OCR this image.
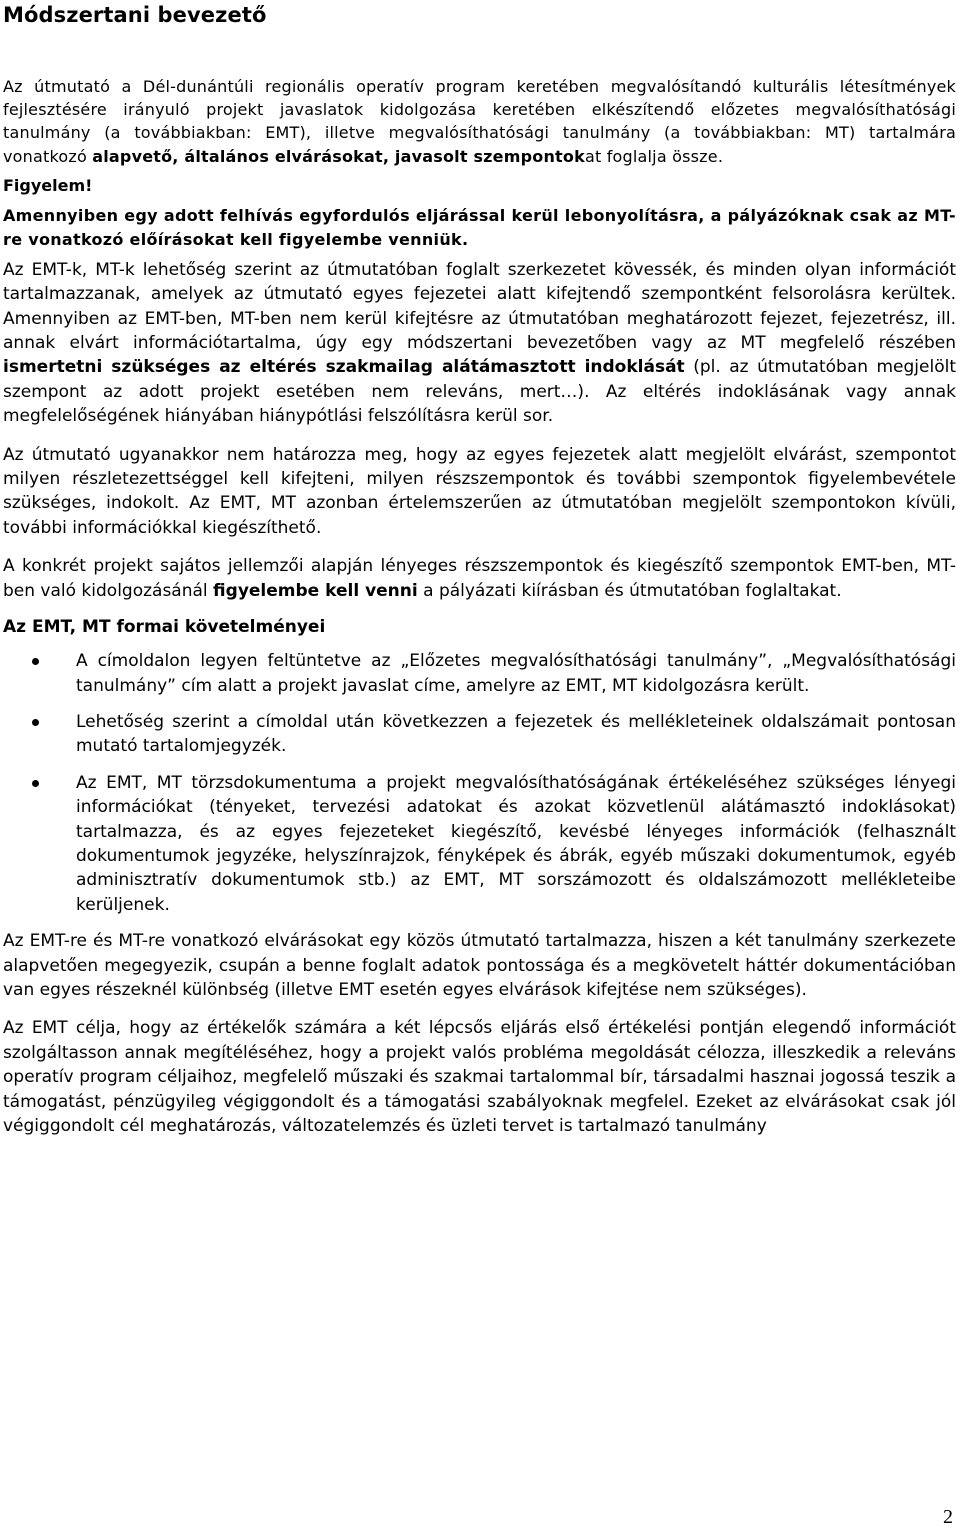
Módszertani bevezető

Az útmutató a Dél-dunántúli regionális operatív program keretében megvalósítandó kulturális létesítmények fejlesztésére irányuló projekt javaslatok kidolgozása keretében elkészítendő előzetes megvalósíthatósági tanulmány (a továbbiakban: EMT), illetve megvalósíthatósági tanulmány (a továbbiakban: MT) tartalmára vonatkozó alapvető, általános elvárásokat, javasolt szempontokat foglalja össze.

Figyelem!

Amennyiben egy adott felhívás egyfordulós eljárással kerül lebonyolításra, a pályázóknak csak az MT-re vonatkozó előírásokat kell figyelembe venniük.

Az EMT-k, MT-k lehetőség szerint az útmutatóban foglalt szerkezetet kövessék, és minden olyan információt tartalmazzanak, amelyek az útmutató egyes fejezetei alatt kifejtendő szempontként felsorolásra kerültek. Amennyiben az EMT-ben, MT-ben nem kerül kifejtésre az útmutatóban meghatározott fejezet, fejezetrész, ill. annak elvárt információtartalma, úgy egy módszertani bevezetőben vagy az MT megfelelő részében ismertetni szükséges az eltérés szakmailag alátámasztott indoklását (pl. az útmutatóban megjelölt szempont az adott projekt esetében nem releváns, mert…). Az eltérés indoklásának vagy annak megfelelőségének hiányában hiánypótlási felszólításra kerül sor.

Az útmutató ugyanakkor nem határozza meg, hogy az egyes fejezetek alatt megjelölt elvárást, szempontot milyen részletezettséggel kell kifejteni, milyen részszempontok és további szempontok figyelembevétele szükséges, indokolt. Az EMT, MT azonban értelemszerűen az útmutatóban megjelölt szempontokon kívüli, további információkkal kiegészíthető.

A konkrét projekt sajátos jellemzői alapján lényeges részszempontok és kiegészítő szempontok EMT-ben, MT-ben való kidolgozásánál figyelembe kell venni a pályázati kiírásban és útmutatóban foglaltakat.

Az EMT, MT formai követelményei

A címoldalon legyen feltüntetve az „Előzetes megvalósíthatósági tanulmány”, „Megvalósíthatósági tanulmány” cím alatt a projekt javaslat címe, amelyre az EMT, MT kidolgozásra került.

Lehetőség szerint a címoldal után következzen a fejezetek és mellékleteinek oldalszámait pontosan mutató tartalomjegyzék.

Az EMT, MT törzsdokumentuma a projekt megvalósíthatóságának értékeléséhez szükséges lényegi információkat (tényeket, tervezési adatokat és azokat közvetlenül alátámasztó indoklásokat) tartalmazza, és az egyes fejezeteket kiegészítő, kevésbé lényeges információk (felhasznált dokumentumok jegyzéke, helyszínrajzok, fényképek és ábrák, egyéb műszaki dokumentumok, egyéb adminisztratív dokumentumok stb.) az EMT, MT sorszámozott és oldalszámozott mellékleteibe kerüljenek.

Az EMT-re és MT-re vonatkozó elvárásokat egy közös útmutató tartalmazza, hiszen a két tanulmány szerkezete alapvetően megegyezik, csupán a benne foglalt adatok pontossága és a megkövetelt háttér dokumentációban van egyes részeknél különbség (illetve EMT esetén egyes elvárások kifejtése nem szükséges).

Az EMT célja, hogy az értékelők számára a két lépcsős eljárás első értékelési pontján elegendő információt szolgáltasson annak megítéléséhez, hogy a projekt valós probléma megoldását célozza, illeszkedik a releváns operatív program céljaihoz, megfelelő műszaki és szakmai tartalommal bír, társadalmi hasznai jogossá teszik a támogatást, pénzügyileg végiggondolt és a támogatási szabályoknak megfelel. Ezeket az elvárásokat csak jól végiggondolt cél meghatározás, változatelemzés és üzleti tervet is tartalmazó tanulmány

2
